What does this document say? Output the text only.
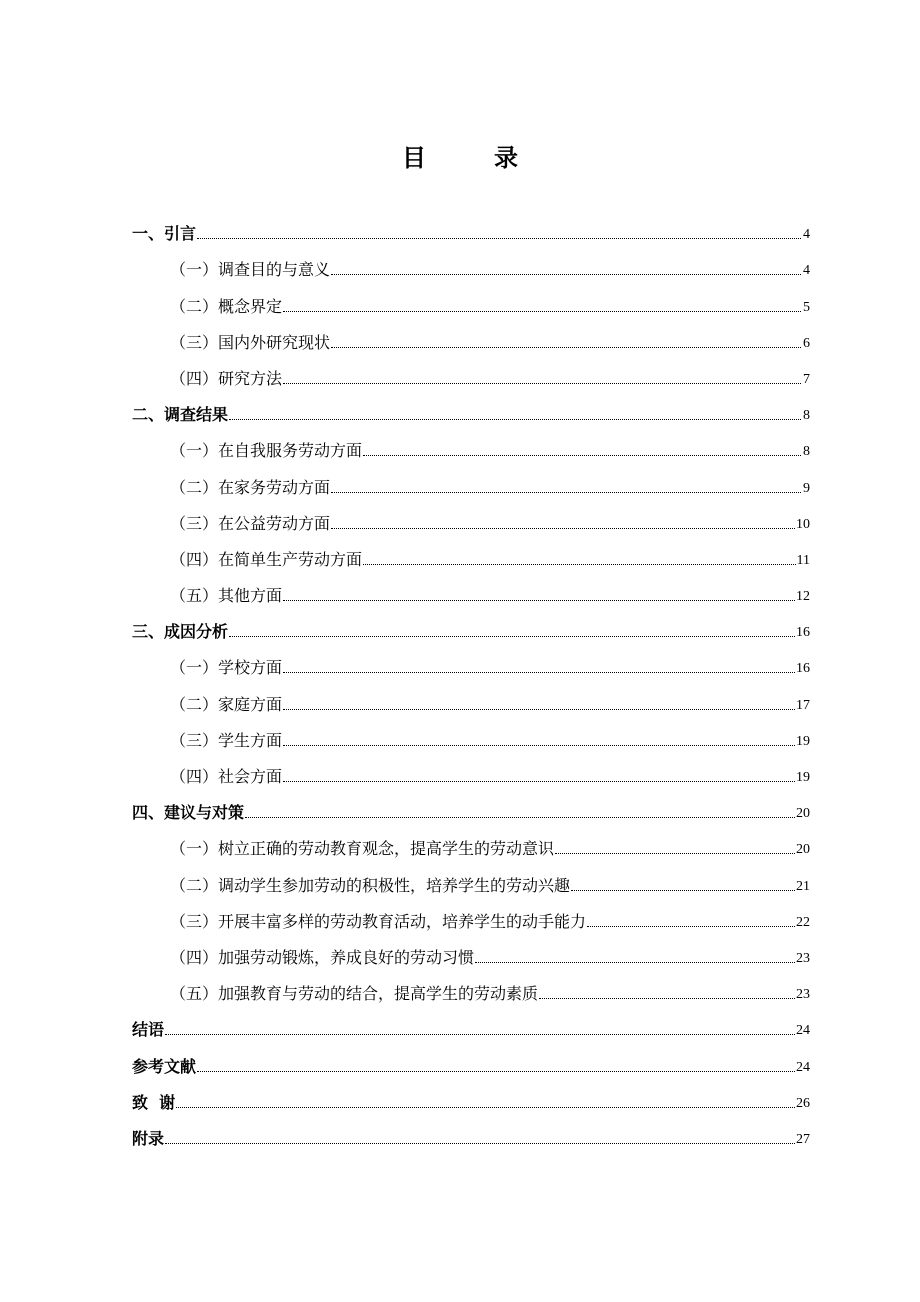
目　录
一、引言	4
（一）调查目的与意义	4
（二）概念界定	5
（三）国内外研究现状	6
（四）研究方法	7
二、调查结果	8
（一）在自我服务劳动方面	8
（二）在家务劳动方面	9
（三）在公益劳动方面	10
（四）在简单生产劳动方面	11
（五）其他方面	12
三、成因分析	16
（一）学校方面	16
（二）家庭方面	17
（三）学生方面	19
（四）社会方面	19
四、建议与对策	20
（一）树立正确的劳动教育观念，提高学生的劳动意识	20
（二）调动学生参加劳动的积极性，培养学生的劳动兴趣	21
（三）开展丰富多样的劳动教育活动，培养学生的动手能力	22
（四）加强劳动锻炼，养成良好的劳动习惯	23
（五）加强教育与劳动的结合，提高学生的劳动素质	23
结语	24
参考文献	24
致  谢	26
附录	27
